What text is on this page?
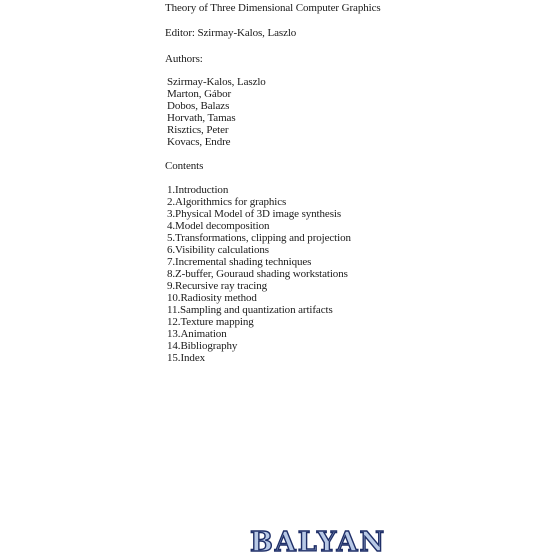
Theory of Three Dimensional Computer Graphics
Editor: Szirmay-Kalos, Laszlo
Authors:
Szirmay-Kalos, Laszlo
Marton, Gábor
Dobos, Balazs
Horvath, Tamas
Risztics, Peter
Kovacs, Endre
Contents
1.Introduction
2.Algorithmics for graphics
3.Physical Model of 3D image synthesis
4.Model decomposition
5.Transformations, clipping and projection
6.Visibility calculations
7.Incremental shading techniques
8.Z-buffer, Gouraud shading workstations
9.Recursive ray tracing
10.Radiosity method
11.Sampling and quantization artifacts
12.Texture mapping
13.Animation
14.Bibliography
15.Index
BALYAN
